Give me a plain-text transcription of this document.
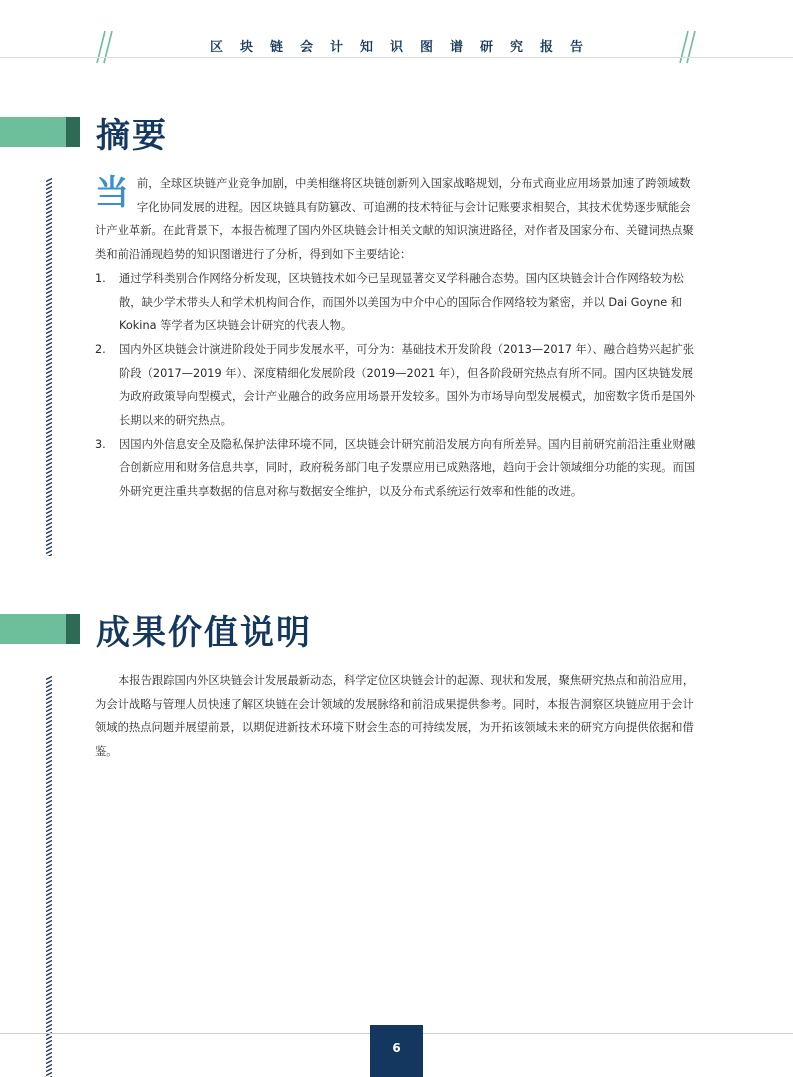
区块链会计知识图谱研究报告
摘要
当 前，全球区块链产业竞争加剧，中美相继将区块链创新列入国家战略规划，分布式商业应用场景加速了跨领域数字化协同发展的进程。因区块链具有防篡改、可追溯的技术特征与会计记账要求相契合，其技术优势逐步赋能会计产业革新。在此背景下，本报告梳理了国内外区块链会计相关文献的知识演进路径，对作者及国家分布、关键词热点聚类和前沿涌现趋势的知识图谱进行了分析，得到如下主要结论：
1. 通过学科类别合作网络分析发现，区块链技术如今已呈现显著交叉学科融合态势。国内区块链会计合作网络较为松散，缺少学术带头人和学术机构间合作，而国外以美国为中介中心的国际合作网络较为紧密，并以 Dai Goyne 和 Kokina 等学者为区块链会计研究的代表人物。
2. 国内外区块链会计演进阶段处于同步发展水平，可分为：基础技术开发阶段（2013—2017 年）、融合趋势兴起扩张阶段（2017—2019 年）、深度精细化发展阶段（2019—2021 年），但各阶段研究热点有所不同。国内区块链发展为政府政策导向型模式，会计产业融合的政务应用场景开发较多。国外为市场导向型发展模式，加密数字货币是国外长期以来的研究热点。
3. 因国内外信息安全及隐私保护法律环境不同，区块链会计研究前沿发展方向有所差异。国内目前研究前沿注重业财融合创新应用和财务信息共享，同时，政府税务部门电子发票应用已成熟落地，趋向于会计领域细分功能的实现。而国外研究更注重共享数据的信息对称与数据安全维护，以及分布式系统运行效率和性能的改进。
成果价值说明

本报告跟踪国内外区块链会计发展最新动态，科学定位区块链会计的起源、现状和发展，聚焦研究热点和前沿应用，为会计战略与管理人员快速了解区块链在会计领域的发展脉络和前沿成果提供参考。同时，本报告洞察区块链应用于会计领域的热点问题并展望前景，以期促进新技术环境下财会生态的可持续发展，为开拓该领域未来的研究方向提供依据和借鉴。

6
